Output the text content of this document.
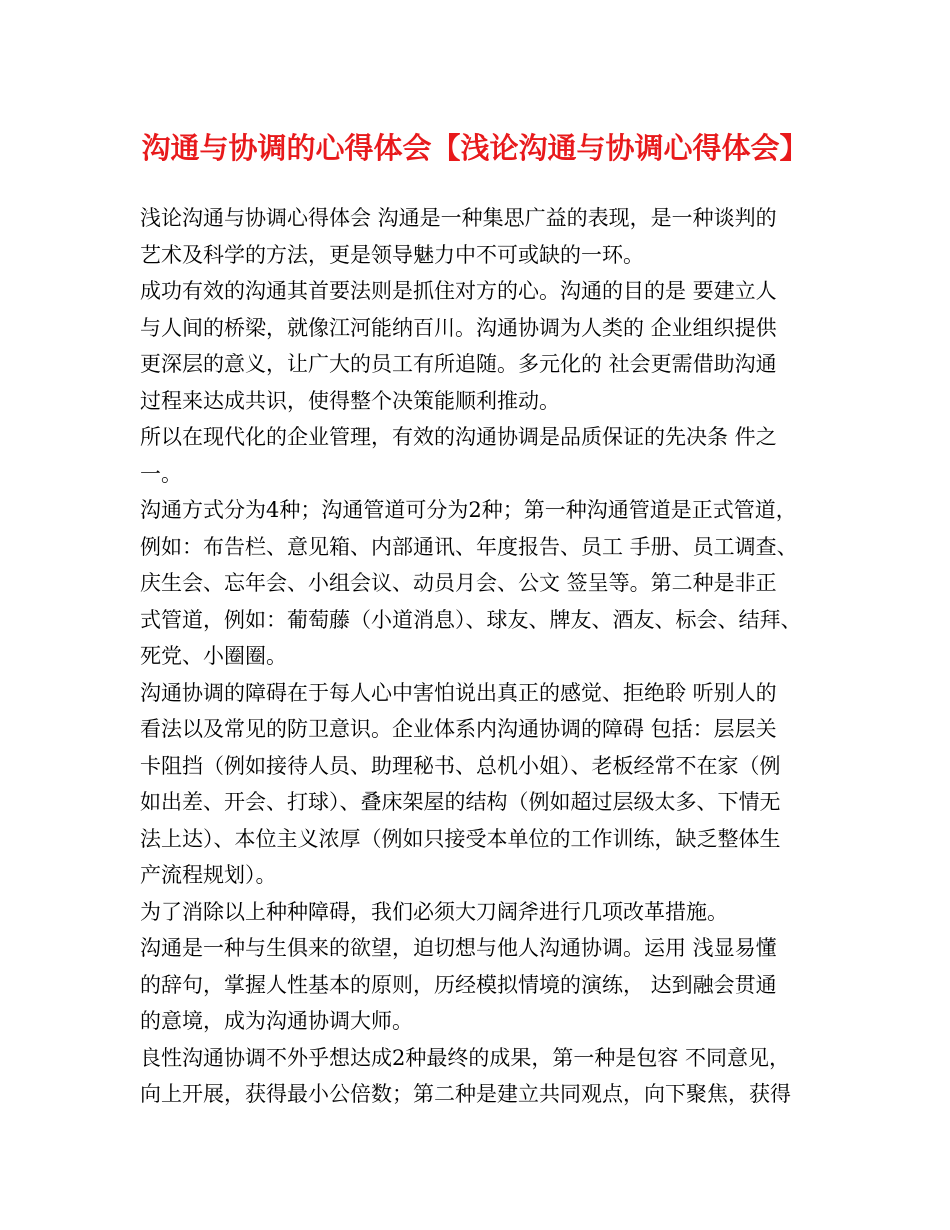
沟通与协调的心得体会【浅论沟通与协调心得体会】
浅论沟通与协调心得体会 沟通是一种集思广益的表现，是一种谈判的
艺术及科学的方法，更是领导魅力中不可或缺的一环。
成功有效的沟通其首要法则是抓住对方的心。沟通的目的是 要建立人
与人间的桥梁，就像江河能纳百川。沟通协调为人类的 企业组织提供
更深层的意义，让广大的员工有所追随。多元化的 社会更需借助沟通
过程来达成共识，使得整个决策能顺利推动。
所以在现代化的企业管理，有效的沟通协调是品质保证的先决条 件之
一。
沟通方式分为4种；沟通管道可分为2种；第一种沟通管道是正式管道，
例如：布告栏、意见箱、内部通讯、年度报告、员工 手册、员工调查、
庆生会、忘年会、小组会议、动员月会、公文 签呈等。第二种是非正
式管道，例如：葡萄藤（小道消息）、球友、牌友、酒友、标会、结拜、
死党、小圈圈。
沟通协调的障碍在于每人心中害怕说出真正的感觉、拒绝聆 听别人的
看法以及常见的防卫意识。企业体系内沟通协调的障碍 包括：层层关
卡阻挡（例如接待人员、助理秘书、总机小姐）、老板经常不在家（例
如出差、开会、打球）、叠床架屋的结构（例如超过层级太多、下情无
法上达）、本位主义浓厚（例如只接受本单位的工作训练，缺乏整体生
产流程规划）。
为了消除以上种种障碍，我们必须大刀阔斧进行几项改革措施。
沟通是一种与生俱来的欲望，迫切想与他人沟通协调。运用 浅显易懂
的辞句，掌握人性基本的原则，历经模拟情境的演练， 达到融会贯通
的意境，成为沟通协调大师。
良性沟通协调不外乎想达成2种最终的成果，第一种是包容 不同意见，
向上开展，获得最小公倍数；第二种是建立共同观点，向下聚焦，获得
